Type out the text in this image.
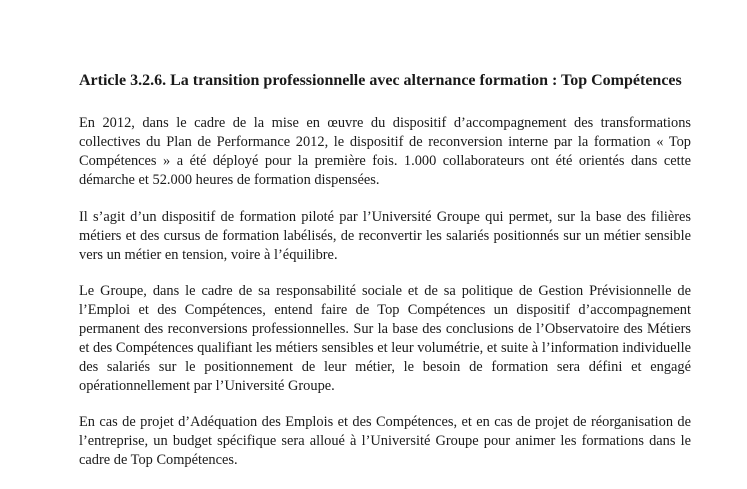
Article 3.2.6. La transition professionnelle avec alternance formation : Top Compétences

En 2012, dans le cadre de la mise en œuvre du dispositif d’accompagnement des transformations
collectives du Plan de Performance 2012, le dispositif de reconversion interne par la formation « Top
Compétences » a été déployé pour la première fois. 1.000 collaborateurs ont été orientés dans cette
démarche et 52.000 heures de formation dispensées.

Il s’agit d’un dispositif de formation piloté par l’Université Groupe qui permet, sur la base des filières
métiers et des cursus de formation labélisés, de reconvertir les salariés positionnés sur un métier sensible
vers un métier en tension, voire à l’équilibre.

Le Groupe, dans le cadre de sa responsabilité sociale et de sa politique de Gestion Prévisionnelle de
l’Emploi et des Compétences, entend faire de Top Compétences un dispositif d’accompagnement
permanent des reconversions professionnelles. Sur la base des conclusions de l’Observatoire des Métiers
et des Compétences qualifiant les métiers sensibles et leur volumétrie, et suite à l’information individuelle
des salariés sur le positionnement de leur métier, le besoin de formation sera défini et engagé
opérationnellement par l’Université Groupe.

En cas de projet d’Adéquation des Emplois et des Compétences, et en cas de projet de réorganisation de
l’entreprise, un budget spécifique sera alloué à l’Université Groupe pour animer les formations dans le
cadre de Top Compétences.
